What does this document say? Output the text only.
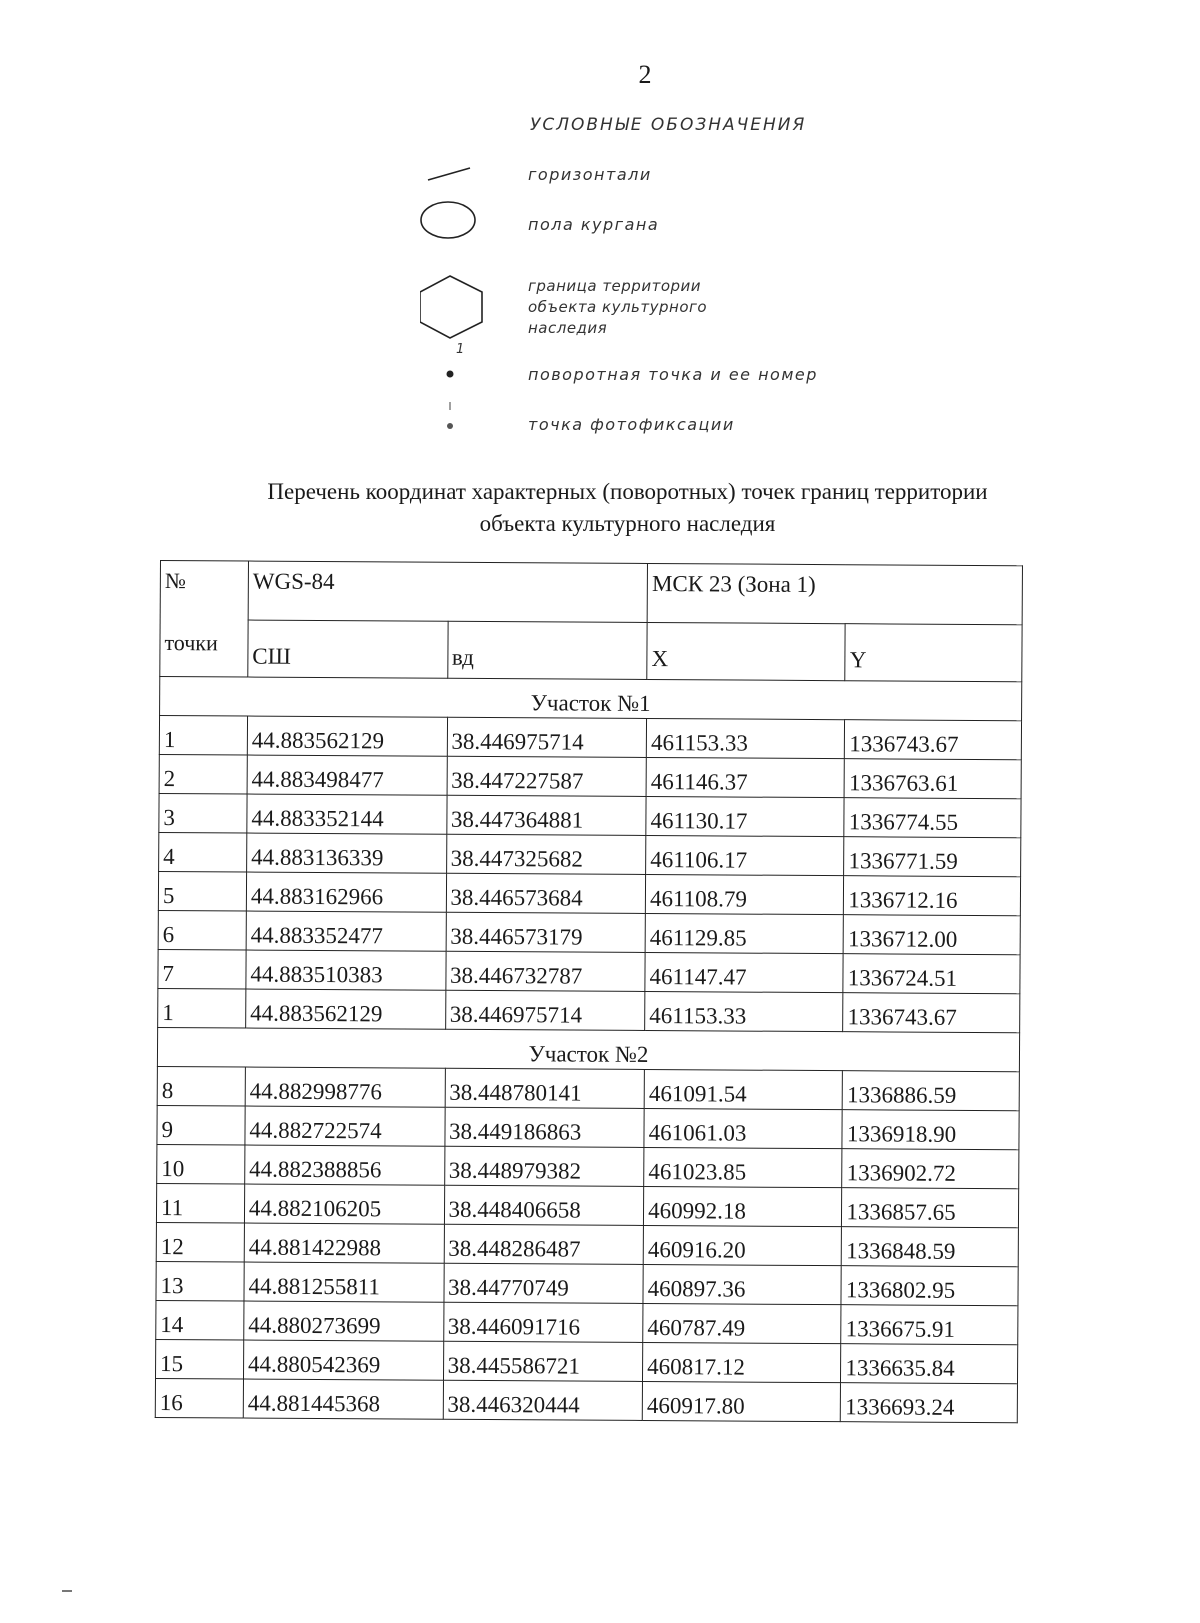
2
УСЛОВНЫЕ ОБОЗНАЧЕНИЯ
горизонтали
пола кургана
граница территории
объекта культурного
наследия
1
поворотная точка и ее номер
точка фотофиксации
Перечень координат характерных (поворотных) точек границ территории
объекта культурного наследия
№
точки	WGS-84		МСК 23 (Зона 1)	
	СШ	вд	X	Y
Участок №1				
1	44.883562129	38.446975714	461153.33	1336743.67
2	44.883498477	38.447227587	461146.37	1336763.61
3	44.883352144	38.447364881	461130.17	1336774.55
4	44.883136339	38.447325682	461106.17	1336771.59
5	44.883162966	38.446573684	461108.79	1336712.16
6	44.883352477	38.446573179	461129.85	1336712.00
7	44.883510383	38.446732787	461147.47	1336724.51
1	44.883562129	38.446975714	461153.33	1336743.67
Участок №2				
8	44.882998776	38.448780141	461091.54	1336886.59
9	44.882722574	38.449186863	461061.03	1336918.90
10	44.882388856	38.448979382	461023.85	1336902.72
11	44.882106205	38.448406658	460992.18	1336857.65
12	44.881422988	38.448286487	460916.20	1336848.59
13	44.881255811	38.44770749	460897.36	1336802.95
14	44.880273699	38.446091716	460787.49	1336675.91
15	44.880542369	38.445586721	460817.12	1336635.84
16	44.881445368	38.446320444	460917.80	1336693.24
